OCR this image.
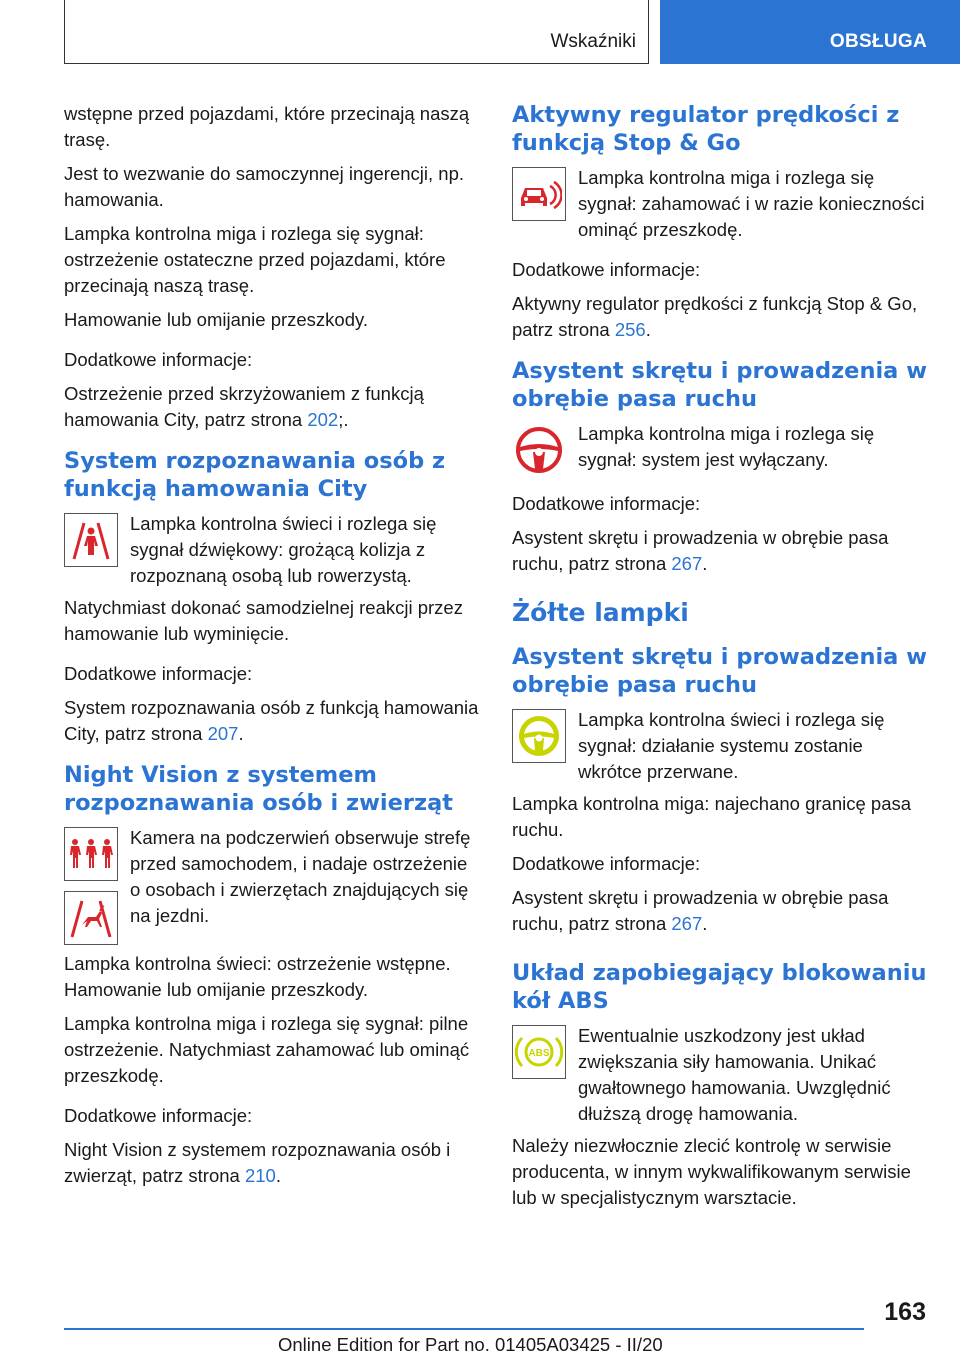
Wskaźniki	OBSŁUGA

wstępne przed pojazdami, które przecinają naszą trasę.

Jest to wezwanie do samoczynnej ingerencji, np. hamowania.

Lampka kontrolna miga i rozlega się sygnał: ostrzeżenie ostateczne przed pojazdami, które przecinają naszą trasę.

Hamowanie lub omijanie przeszkody.

Dodatkowe informacje:

Ostrzeżenie przed skrzyżowaniem z funkcją hamowania City, patrz strona 202;.

System rozpoznawania osób z funkcją hamowania City

Lampka kontrolna świeci i rozlega się sygnał dźwiękowy: grożącą kolizja z rozpoznaną osobą lub rowerzystą.

Natychmiast dokonać samodzielnej reakcji przez hamowanie lub wyminięcie.

Dodatkowe informacje:

System rozpoznawania osób z funkcją hamowania City, patrz strona 207.

Night Vision z systemem rozpoznawania osób i zwierząt

Kamera na podczerwień obserwuje strefę przed samochodem, i nadaje ostrzeżenie o osobach i zwierzętach znajdujących się na jezdni.

Lampka kontrolna świeci: ostrzeżenie wstępne. Hamowanie lub omijanie przeszkody.

Lampka kontrolna miga i rozlega się sygnał: pilne ostrzeżenie. Natychmiast zahamować lub ominąć przeszkodę.

Dodatkowe informacje:

Night Vision z systemem rozpoznawania osób i zwierząt, patrz strona 210.

Aktywny regulator prędkości z funkcją Stop & Go

Lampka kontrolna miga i rozlega się sygnał: zahamować i w razie konieczności ominąć przeszkodę.

Dodatkowe informacje:

Aktywny regulator prędkości z funkcją Stop & Go, patrz strona 256.

Asystent skrętu i prowadzenia w obrębie pasa ruchu

Lampka kontrolna miga i rozlega się sygnał: system jest wyłączany.

Dodatkowe informacje:

Asystent skrętu i prowadzenia w obrębie pasa ruchu, patrz strona 267.

Żółte lampki
Asystent skrętu i prowadzenia w obrębie pasa ruchu

Lampka kontrolna świeci i rozlega się sygnał: działanie systemu zostanie wkrótce przerwane.

Lampka kontrolna miga: najechano granicę pasa ruchu.

Dodatkowe informacje:

Asystent skrętu i prowadzenia w obrębie pasa ruchu, patrz strona 267.

Układ zapobiegający blokowaniu kół ABS
ABS

Ewentualnie uszkodzony jest układ zwiększania siły hamowania. Unikać gwałtownego hamowania. Uwzględnić dłuższą drogę hamowania.

Należy niezwłocznie zlecić kontrolę w serwisie producenta, w innym wykwalifikowanym serwisie lub w specjalistycznym warsztacie.

163
Online Edition for Part no. 01405A03425 - II/20
